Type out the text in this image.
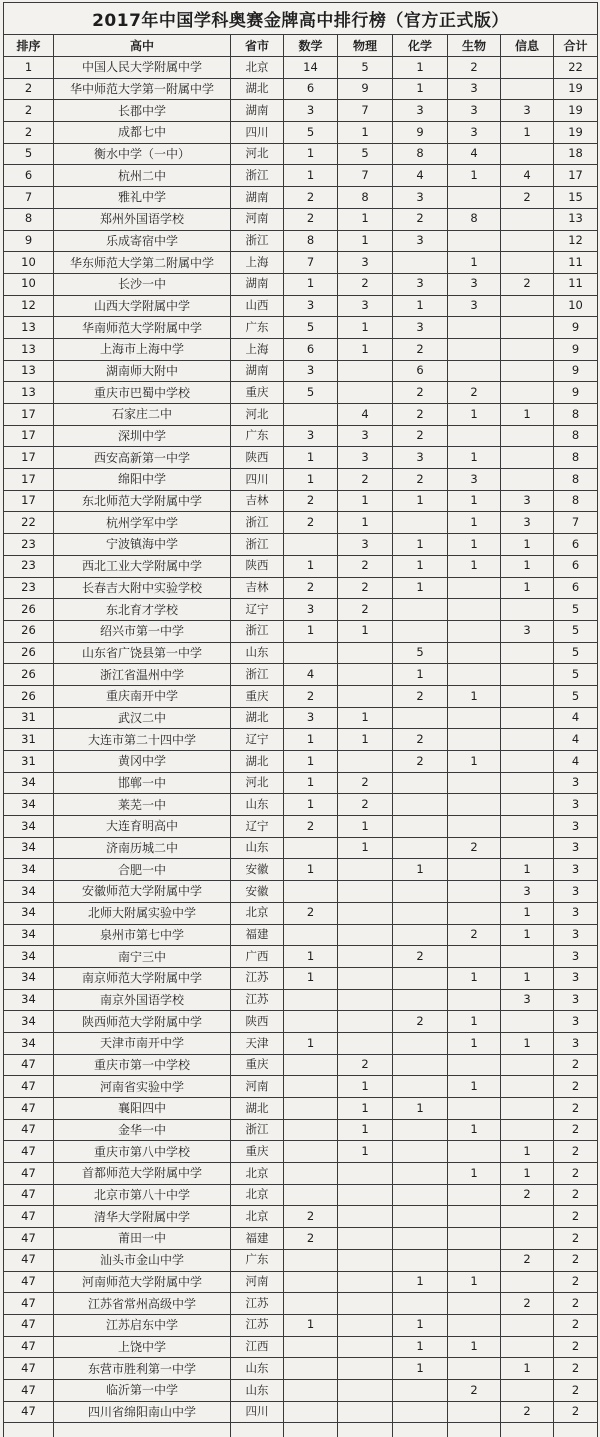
2017年中国学科奥赛金牌高中排行榜（官方正式版）								
排序	高中	省市	数学	物理	化学	生物	信息	合计
1	中国人民大学附属中学	北京	14	5	1	2		22
2	华中师范大学第一附属中学	湖北	6	9	1	3		19
2	长郡中学	湖南	3	7	3	3	3	19
2	成都七中	四川	5	1	9	3	1	19
5	衡水中学（一中）	河北	1	5	8	4		18
6	杭州二中	浙江	1	7	4	1	4	17
7	雅礼中学	湖南	2	8	3		2	15
8	郑州外国语学校	河南	2	1	2	8		13
9	乐成寄宿中学	浙江	8	1	3			12
10	华东师范大学第二附属中学	上海	7	3		1		11
10	长沙一中	湖南	1	2	3	3	2	11
12	山西大学附属中学	山西	3	3	1	3		10
13	华南师范大学附属中学	广东	5	1	3			9
13	上海市上海中学	上海	6	1	2			9
13	湖南师大附中	湖南	3		6			9
13	重庆市巴蜀中学校	重庆	5		2	2		9
17	石家庄二中	河北		4	2	1	1	8
17	深圳中学	广东	3	3	2			8
17	西安高新第一中学	陕西	1	3	3	1		8
17	绵阳中学	四川	1	2	2	3		8
17	东北师范大学附属中学	吉林	2	1	1	1	3	8
22	杭州学军中学	浙江	2	1		1	3	7
23	宁波镇海中学	浙江		3	1	1	1	6
23	西北工业大学附属中学	陕西	1	2	1	1	1	6
23	长春吉大附中实验学校	吉林	2	2	1		1	6
26	东北育才学校	辽宁	3	2				5
26	绍兴市第一中学	浙江	1	1			3	5
26	山东省广饶县第一中学	山东			5			5
26	浙江省温州中学	浙江	4		1			5
26	重庆南开中学	重庆	2		2	1		5
31	武汉二中	湖北	3	1				4
31	大连市第二十四中学	辽宁	1	1	2			4
31	黄冈中学	湖北	1		2	1		4
34	邯郸一中	河北	1	2				3
34	莱芜一中	山东	1	2				3
34	大连育明高中	辽宁	2	1				3
34	济南历城二中	山东		1		2		3
34	合肥一中	安徽	1		1		1	3
34	安徽师范大学附属中学	安徽					3	3
34	北师大附属实验中学	北京	2				1	3
34	泉州市第七中学	福建				2	1	3
34	南宁三中	广西	1		2			3
34	南京师范大学附属中学	江苏	1			1	1	3
34	南京外国语学校	江苏					3	3
34	陕西师范大学附属中学	陕西			2	1		3
34	天津市南开中学	天津	1			1	1	3
47	重庆市第一中学校	重庆		2				2
47	河南省实验中学	河南		1		1		2
47	襄阳四中	湖北		1	1			2
47	金华一中	浙江		1		1		2
47	重庆市第八中学校	重庆		1			1	2
47	首都师范大学附属中学	北京				1	1	2
47	北京市第八十中学	北京					2	2
47	清华大学附属中学	北京	2					2
47	莆田一中	福建	2					2
47	汕头市金山中学	广东					2	2
47	河南师范大学附属中学	河南			1	1		2
47	江苏省常州高级中学	江苏					2	2
47	江苏启东中学	江苏	1		1			2
47	上饶中学	江西			1	1		2
47	东营市胜利第一中学	山东			1		1	2
47	临沂第一中学	山东				2		2
47	四川省绵阳南山中学	四川					2	2
